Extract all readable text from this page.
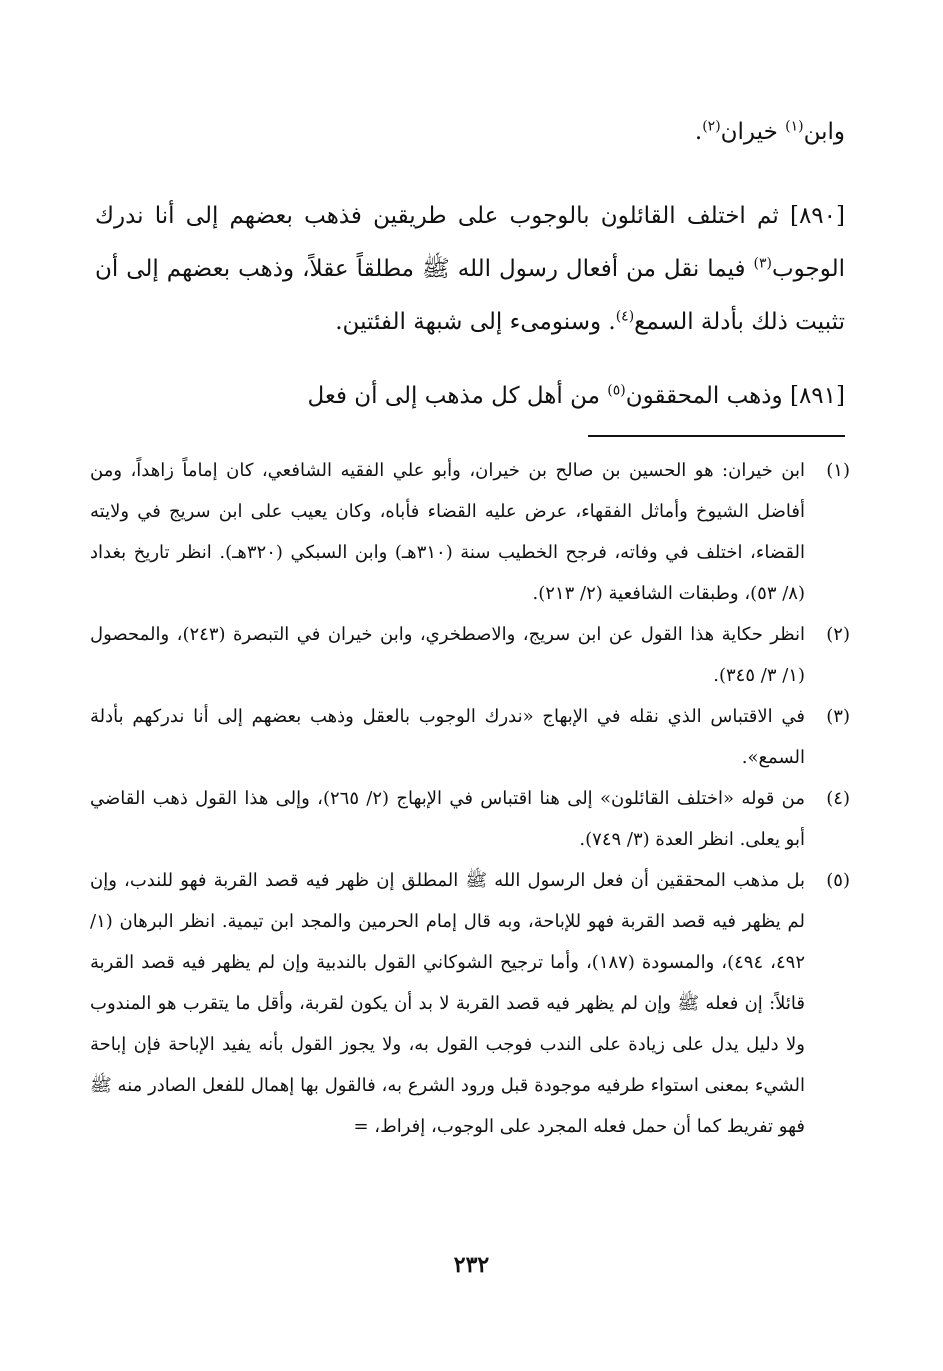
وابن$^{(١)}$ خيران$^{(٢)}$.
[٨٩٠] ثم اختلف القائلون بالوجوب على طريقين فذهب بعضهم إلى أنا ندرك الوجوب$^{(٣)}$ فيما نقل من أفعال رسول الله ﷺ مطلقاً عقلاً، وذهب بعضهم إلى أن تثبيت ذلك بأدلة السمع$^{(٤)}$. وسنومىء إلى شبهة الفئتين.
[٨٩١] وذهب المحققون$^{(٥)}$ من أهل كل مذهب إلى أن فعل
(١)
ابن خيران: هو الحسين بن صالح بن خيران، وأبو علي الفقيه الشافعي، كان إماماً زاهداً، ومن أفاضل الشيوخ وأماثل الفقهاء، عرض عليه القضاء فأباه، وكان يعيب على ابن سريج في ولايته القضاء، اختلف في وفاته، فرجح الخطيب سنة (٣١٠هـ) وابن السبكي (٣٢٠هـ). انظر تاريخ بغداد (٨/ ٥٣)، وطبقات الشافعية (٢/ ٢١٣).
(٢)
انظر حكاية هذا القول عن ابن سريج، والاصطخري، وابن خيران في التبصرة (٢٤٣)، والمحصول (١/ ٣/ ٣٤٥).
(٣)
في الاقتباس الذي نقله في الإبهاج «ندرك الوجوب بالعقل وذهب بعضهم إلى أنا ندركهم بأدلة السمع».
(٤)
من قوله «اختلف القائلون» إلى هنا اقتباس في الإبهاج (٢/ ٢٦٥)، وإلى هذا القول ذهب القاضي أبو يعلى. انظر العدة (٣/ ٧٤٩).
(٥)
بل مذهب المحققين أن فعل الرسول الله ﷺ المطلق إن ظهر فيه قصد القربة فهو للندب، وإن لم يظهر فيه قصد القربة فهو للإباحة، وبه قال إمام الحرمين والمجد ابن تيمية. انظر البرهان (١/ ٤٩٢، ٤٩٤)، والمسودة (١٨٧)، وأما ترجيح الشوكاني القول بالندبية وإن لم يظهر فيه قصد القربة قائلاً: إن فعله ﷺ وإن لم يظهر فيه قصد القربة لا بد أن يكون لقربة، وأقل ما يتقرب هو المندوب ولا دليل يدل على زيادة على الندب فوجب القول به، ولا يجوز القول بأنه يفيد الإباحة فإن إباحة الشيء بمعنى استواء طرفيه موجودة قبل ورود الشرع به، فالقول بها إهمال للفعل الصادر منه ﷺ فهو تفريط كما أن حمل فعله المجرد على الوجوب، إفراط، =
٢٣٢
